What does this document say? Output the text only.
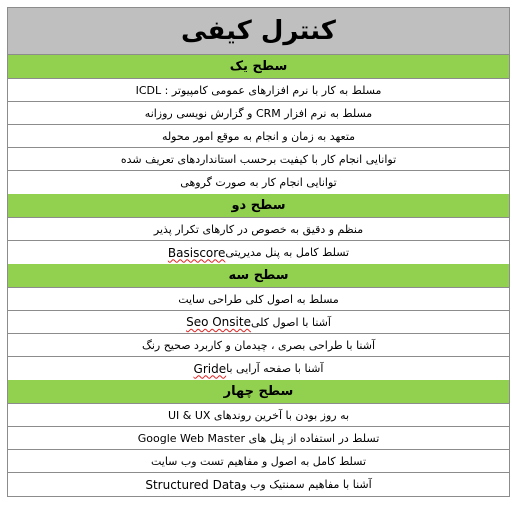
کنترل کیفی
سطح یک
مسلط به کار با نرم افزارهای عمومی کامپیوتر : ICDL
مسلط به نرم افزار CRM و گزارش نویسی روزانه
متعهد به زمان و انجام به موقع امور محوله
توانایی انجام کار با کیفیت برحسب استانداردهای تعریف شده
توانایی انجام کار به صورت گروهی
سطح دو
منظم و دقیق به خصوص در کارهای تکرار پذیر
تسلط کامل به پنل مدیریتی
Basiscore
سطح سه
مسلط به اصول کلی طراحی سایت
آشنا با اصول کلی
Seo Onsite
آشنا با طراحی بصری ، چیدمان و کاربرد صحیح رنگ
آشنا با صفحه آرایی با
Gride
سطح چهار
به روز بودن با آخرین روندهای UI & UX
تسلط در استفاده از پنل های Google Web Master
تسلط کامل به اصول و مفاهیم تست وب سایت
آشنا با مفاهیم سمنتیک وب و
Structured Data
